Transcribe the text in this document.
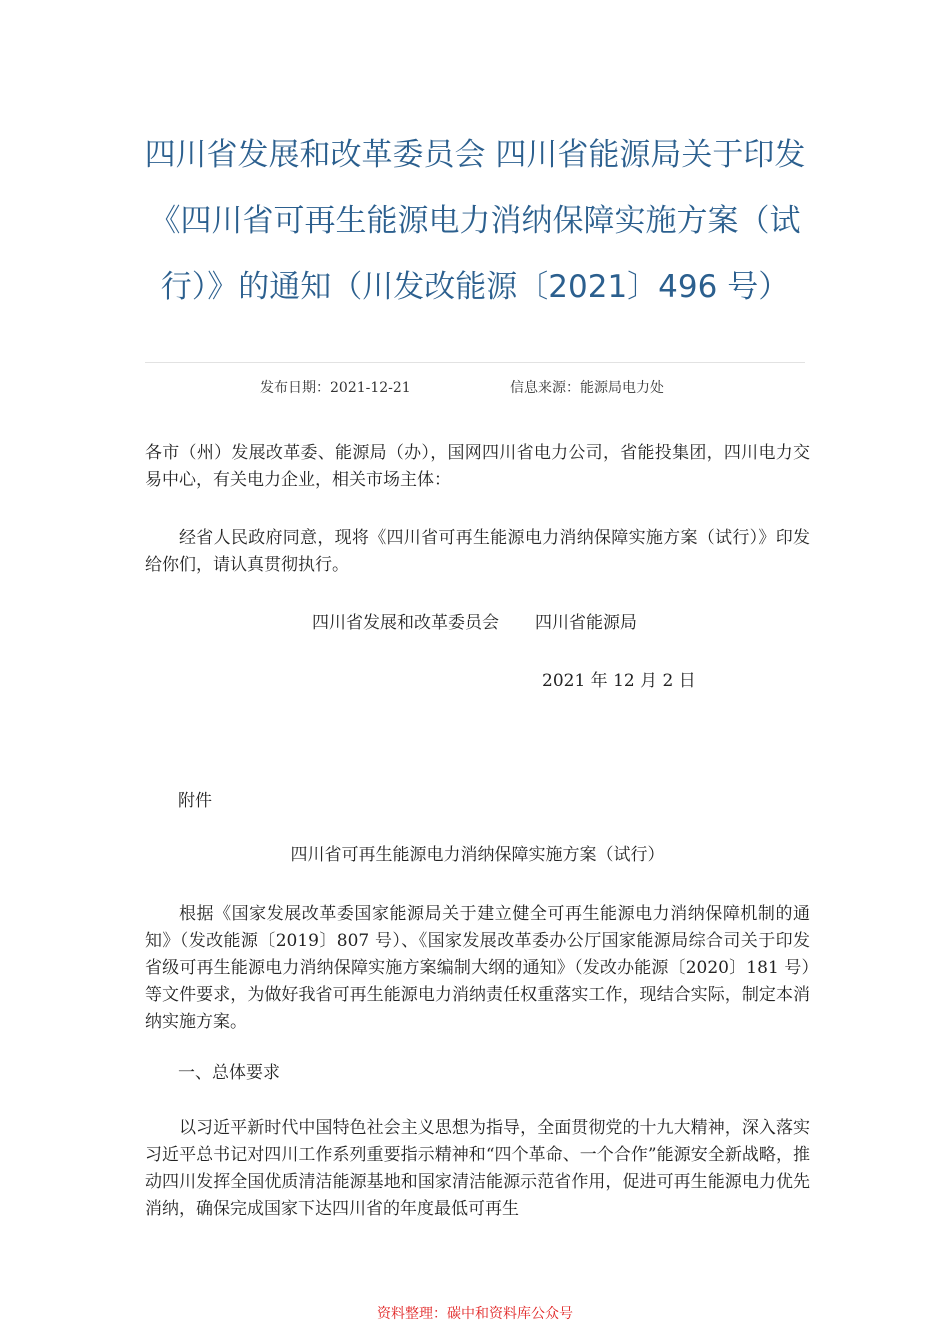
四川省发展和改革委员会 四川省能源局关于印发
《四川省可再生能源电力消纳保障实施方案（试
行）》的通知（川发改能源〔2021〕496 号）
发布日期：2021-12-21	信息来源：能源局电力处
各市（州）发展改革委、能源局（办），国网四川省电力公司，省能投集团，四川电力交易中心，有关电力企业，相关市场主体：
经省人民政府同意，现将《四川省可再生能源电力消纳保障实施方案（试行）》印发给你们，请认真贯彻执行。
四川省发展和改革委员会 四川省能源局
2021 年 12 月 2 日
附件
四川省可再生能源电力消纳保障实施方案（试行）
根据《国家发展改革委国家能源局关于建立健全可再生能源电力消纳保障机制的通知》（发改能源〔2019〕807 号）、《国家发展改革委办公厅国家能源局综合司关于印发省级可再生能源电力消纳保障实施方案编制大纲的通知》（发改办能源〔2020〕181 号）等文件要求，为做好我省可再生能源电力消纳责任权重落实工作，现结合实际，制定本消纳实施方案。
一、总体要求
以习近平新时代中国特色社会主义思想为指导，全面贯彻党的十九大精神，深入落实习近平总书记对四川工作系列重要指示精神和“四个革命、一个合作”能源安全新战略，推动四川发挥全国优质清洁能源基地和国家清洁能源示范省作用，促进可再生能源电力优先消纳，确保完成国家下达四川省的年度最低可再生
资料整理：碳中和资料库公众号
